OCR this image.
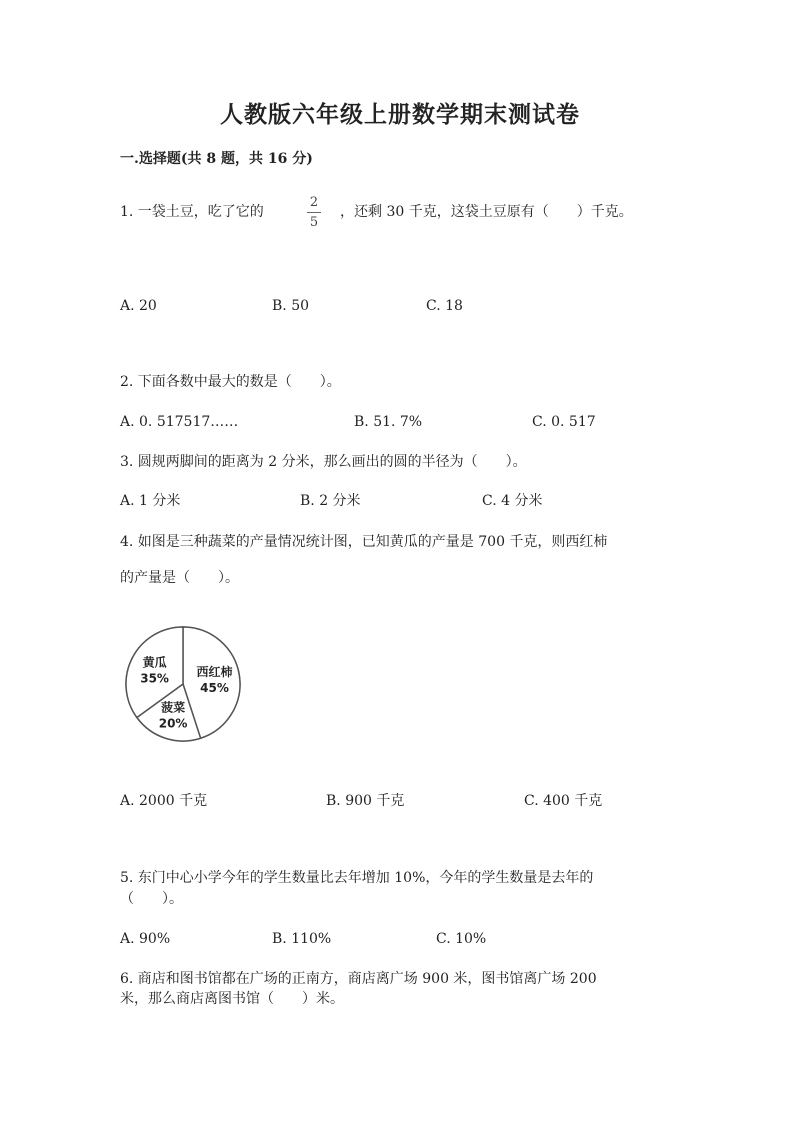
人教版六年级上册数学期末测试卷
一.选择题(共 8 题，共 16 分)
1. 一袋土豆，吃了它的
2
5
，还剩 30 千克，这袋土豆原有（　　）千克。
A. 20	B. 50	C. 18
2. 下面各数中最大的数是（　　）。
A. 0. 517517……	B. 51. 7%	C. 0. 517
3. 圆规两脚间的距离为 2 分米，那么画出的圆的半径为（　　）。
A. 1 分米	B. 2 分米	C. 4 分米
4. 如图是三种蔬菜的产量情况统计图，已知黄瓜的产量是 700 千克，则西红柿
的产量是（　　）。
西红柿
45%
菠菜
20%
黄瓜
35%
A. 2000 千克	B. 900 千克	C. 400 千克
5. 东门中心小学今年的学生数量比去年增加 10%，今年的学生数量是去年的
（　　）。
A. 90%	B. 110%	C. 10%
6. 商店和图书馆都在广场的正南方，商店离广场 900 米，图书馆离广场 200
米，那么商店离图书馆（　　）米。
